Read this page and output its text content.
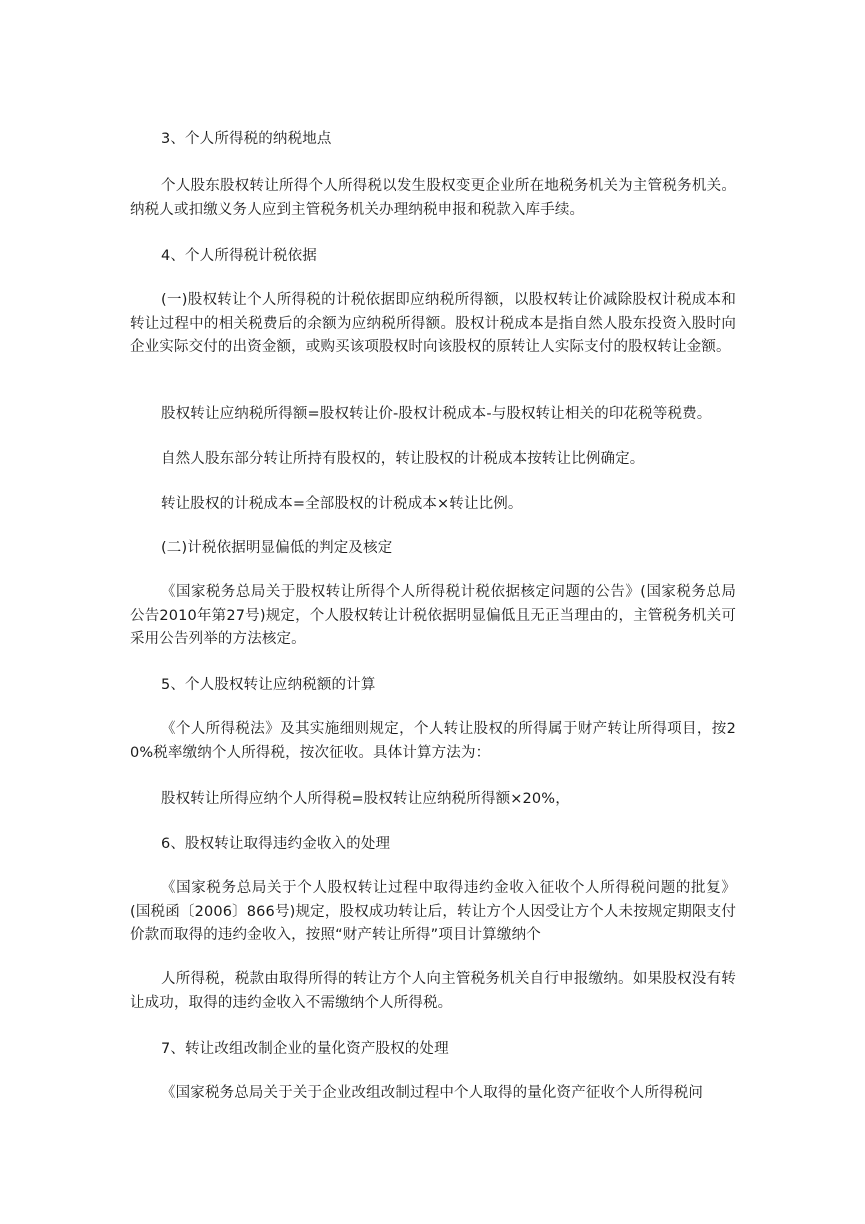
3、个人所得税的纳税地点

个人股东股权转让所得个人所得税以发生股权变更企业所在地税务机关为主管税务机关。纳税人或扣缴义务人应到主管税务机关办理纳税申报和税款入库手续。

4、个人所得税计税依据

(一)股权转让个人所得税的计税依据即应纳税所得额，以股权转让价减除股权计税成本和转让过程中的相关税费后的余额为应纳税所得额。股权计税成本是指自然人股东投资入股时向企业实际交付的出资金额，或购买该项股权时向该股权的原转让人实际支付的股权转让金额。

股权转让应纳税所得额=股权转让价-股权计税成本-与股权转让相关的印花税等税费。

自然人股东部分转让所持有股权的，转让股权的计税成本按转让比例确定。

转让股权的计税成本=全部股权的计税成本×转让比例。

(二)计税依据明显偏低的判定及核定

《国家税务总局关于股权转让所得个人所得税计税依据核定问题的公告》(国家税务总局公告2010年第27号)规定，个人股权转让计税依据明显偏低且无正当理由的，主管税务机关可采用公告列举的方法核定。

5、个人股权转让应纳税额的计算

《个人所得税法》及其实施细则规定，个人转让股权的所得属于财产转让所得项目，按20%税率缴纳个人所得税，按次征收。具体计算方法为：

股权转让所得应纳个人所得税=股权转让应纳税所得额×20%，

6、股权转让取得违约金收入的处理

《国家税务总局关于个人股权转让过程中取得违约金收入征收个人所得税问题的批复》(国税函〔2006〕866号)规定，股权成功转让后，转让方个人因受让方个人未按规定期限支付价款而取得的违约金收入，按照“财产转让所得”项目计算缴纳个

人所得税，税款由取得所得的转让方个人向主管税务机关自行申报缴纳。如果股权没有转让成功，取得的违约金收入不需缴纳个人所得税。

7、转让改组改制企业的量化资产股权的处理

《国家税务总局关于关于企业改组改制过程中个人取得的量化资产征收个人所得税问
